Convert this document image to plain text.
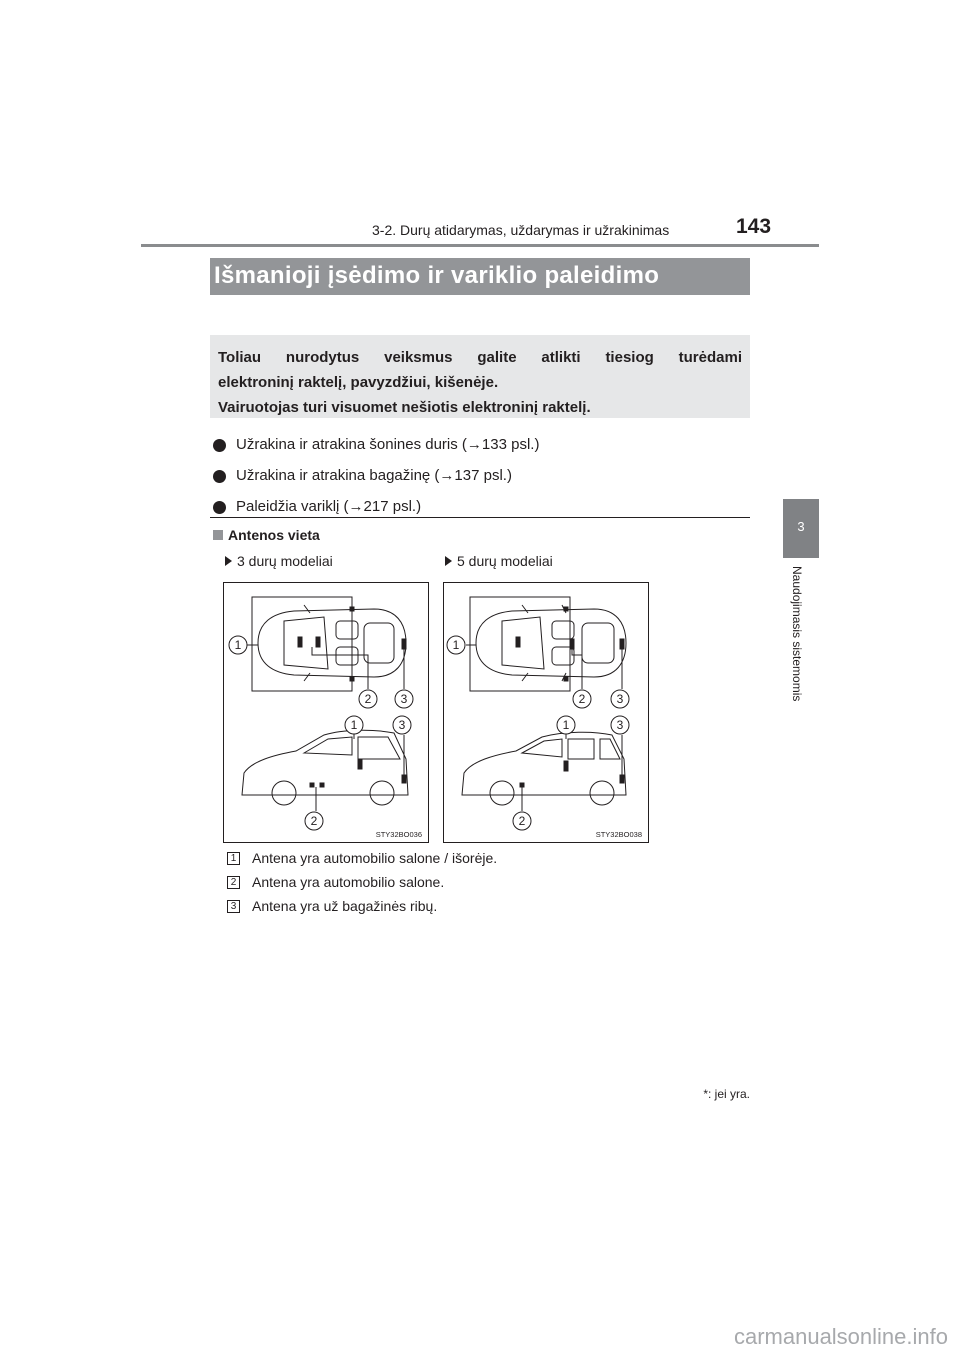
3-2. Durų atidarymas, uždarymas ir užrakinimas	143
3
Naudojimasis sistemomis
Išmanioji įsėdimo ir variklio paleidimo
sistema*
Toliau nurodytus veiksmus galite atlikti tiesiog turėdami
elektroninį raktelį, pavyzdžiui, kišenėje.
Vairuotojas turi visuomet nešiotis elektroninį raktelį.
Užrakina ir atrakina šonines duris (→133 psl.)
Užrakina ir atrakina bagažinę (→137 psl.)
Paleidžia variklį (→217 psl.)
Antenos vieta
3 durų modeliai	5 durų modeliai
1
2 3
1	3
2
STY32BO036
1
2	3
1	3
2
STY32BO038
1 Antena yra automobilio salone / išorėje.
2 Antena yra automobilio salone.
3 Antena yra už bagažinės ribų.
*: jei yra.
carmanualsonline.info
